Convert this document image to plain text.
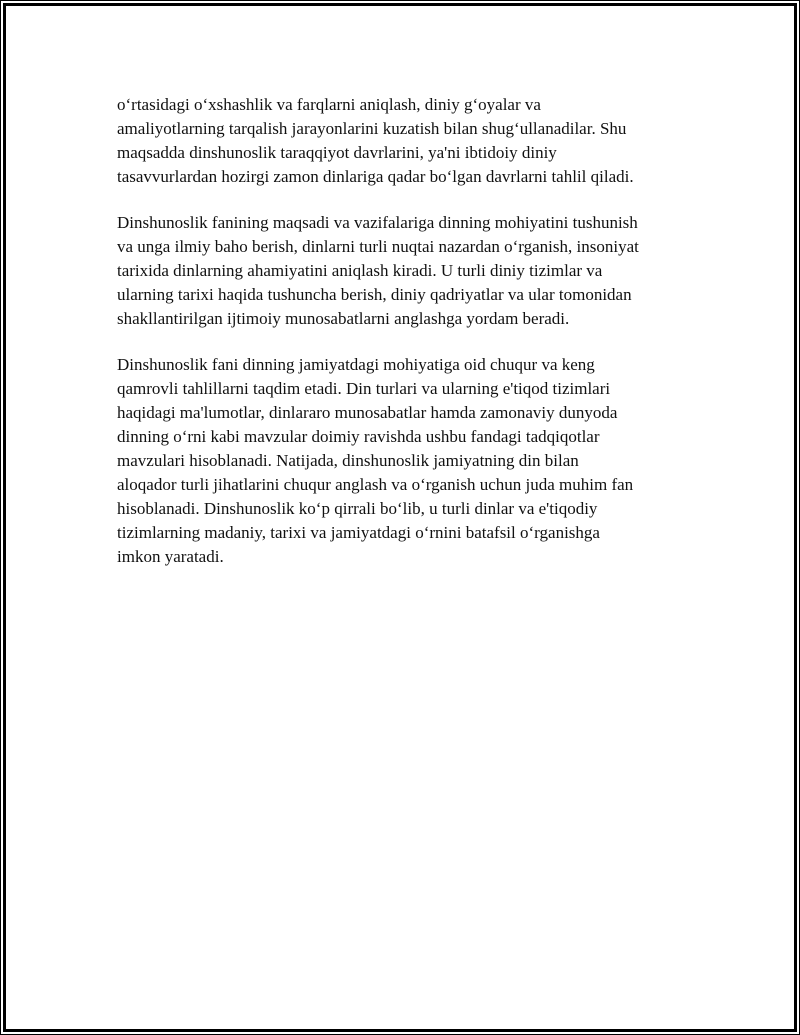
oʻrtasidagi oʻxshashlik va farqlarni aniqlash, diniy gʻoyalar va
amaliyotlarning tarqalish jarayonlarini kuzatish bilan shugʻullanadilar. Shu
maqsadda dinshunoslik taraqqiyot davrlarini, ya'ni ibtidoiy diniy
tasavvurlardan hozirgi zamon dinlariga qadar boʻlgan davrlarni tahlil qiladi.

Dinshunoslik fanining maqsadi va vazifalariga dinning mohiyatini tushunish
va unga ilmiy baho berish, dinlarni turli nuqtai nazardan oʻrganish, insoniyat
tarixida dinlarning ahamiyatini aniqlash kiradi. U turli diniy tizimlar va
ularning tarixi haqida tushuncha berish, diniy qadriyatlar va ular tomonidan
shakllantirilgan ijtimoiy munosabatlarni anglashga yordam beradi.

Dinshunoslik fani dinning jamiyatdagi mohiyatiga oid chuqur va keng
qamrovli tahlillarni taqdim etadi. Din turlari va ularning e'tiqod tizimlari
haqidagi ma'lumotlar, dinlararo munosabatlar hamda zamonaviy dunyoda
dinning oʻrni kabi mavzular doimiy ravishda ushbu fandagi tadqiqotlar
mavzulari hisoblanadi. Natijada, dinshunoslik jamiyatning din bilan
aloqador turli jihatlarini chuqur anglash va oʻrganish uchun juda muhim fan
hisoblanadi. Dinshunoslik koʻp qirrali boʻlib, u turli dinlar va e'tiqodiy
tizimlarning madaniy, tarixi va jamiyatdagi oʻrnini batafsil oʻrganishga
imkon yaratadi.
